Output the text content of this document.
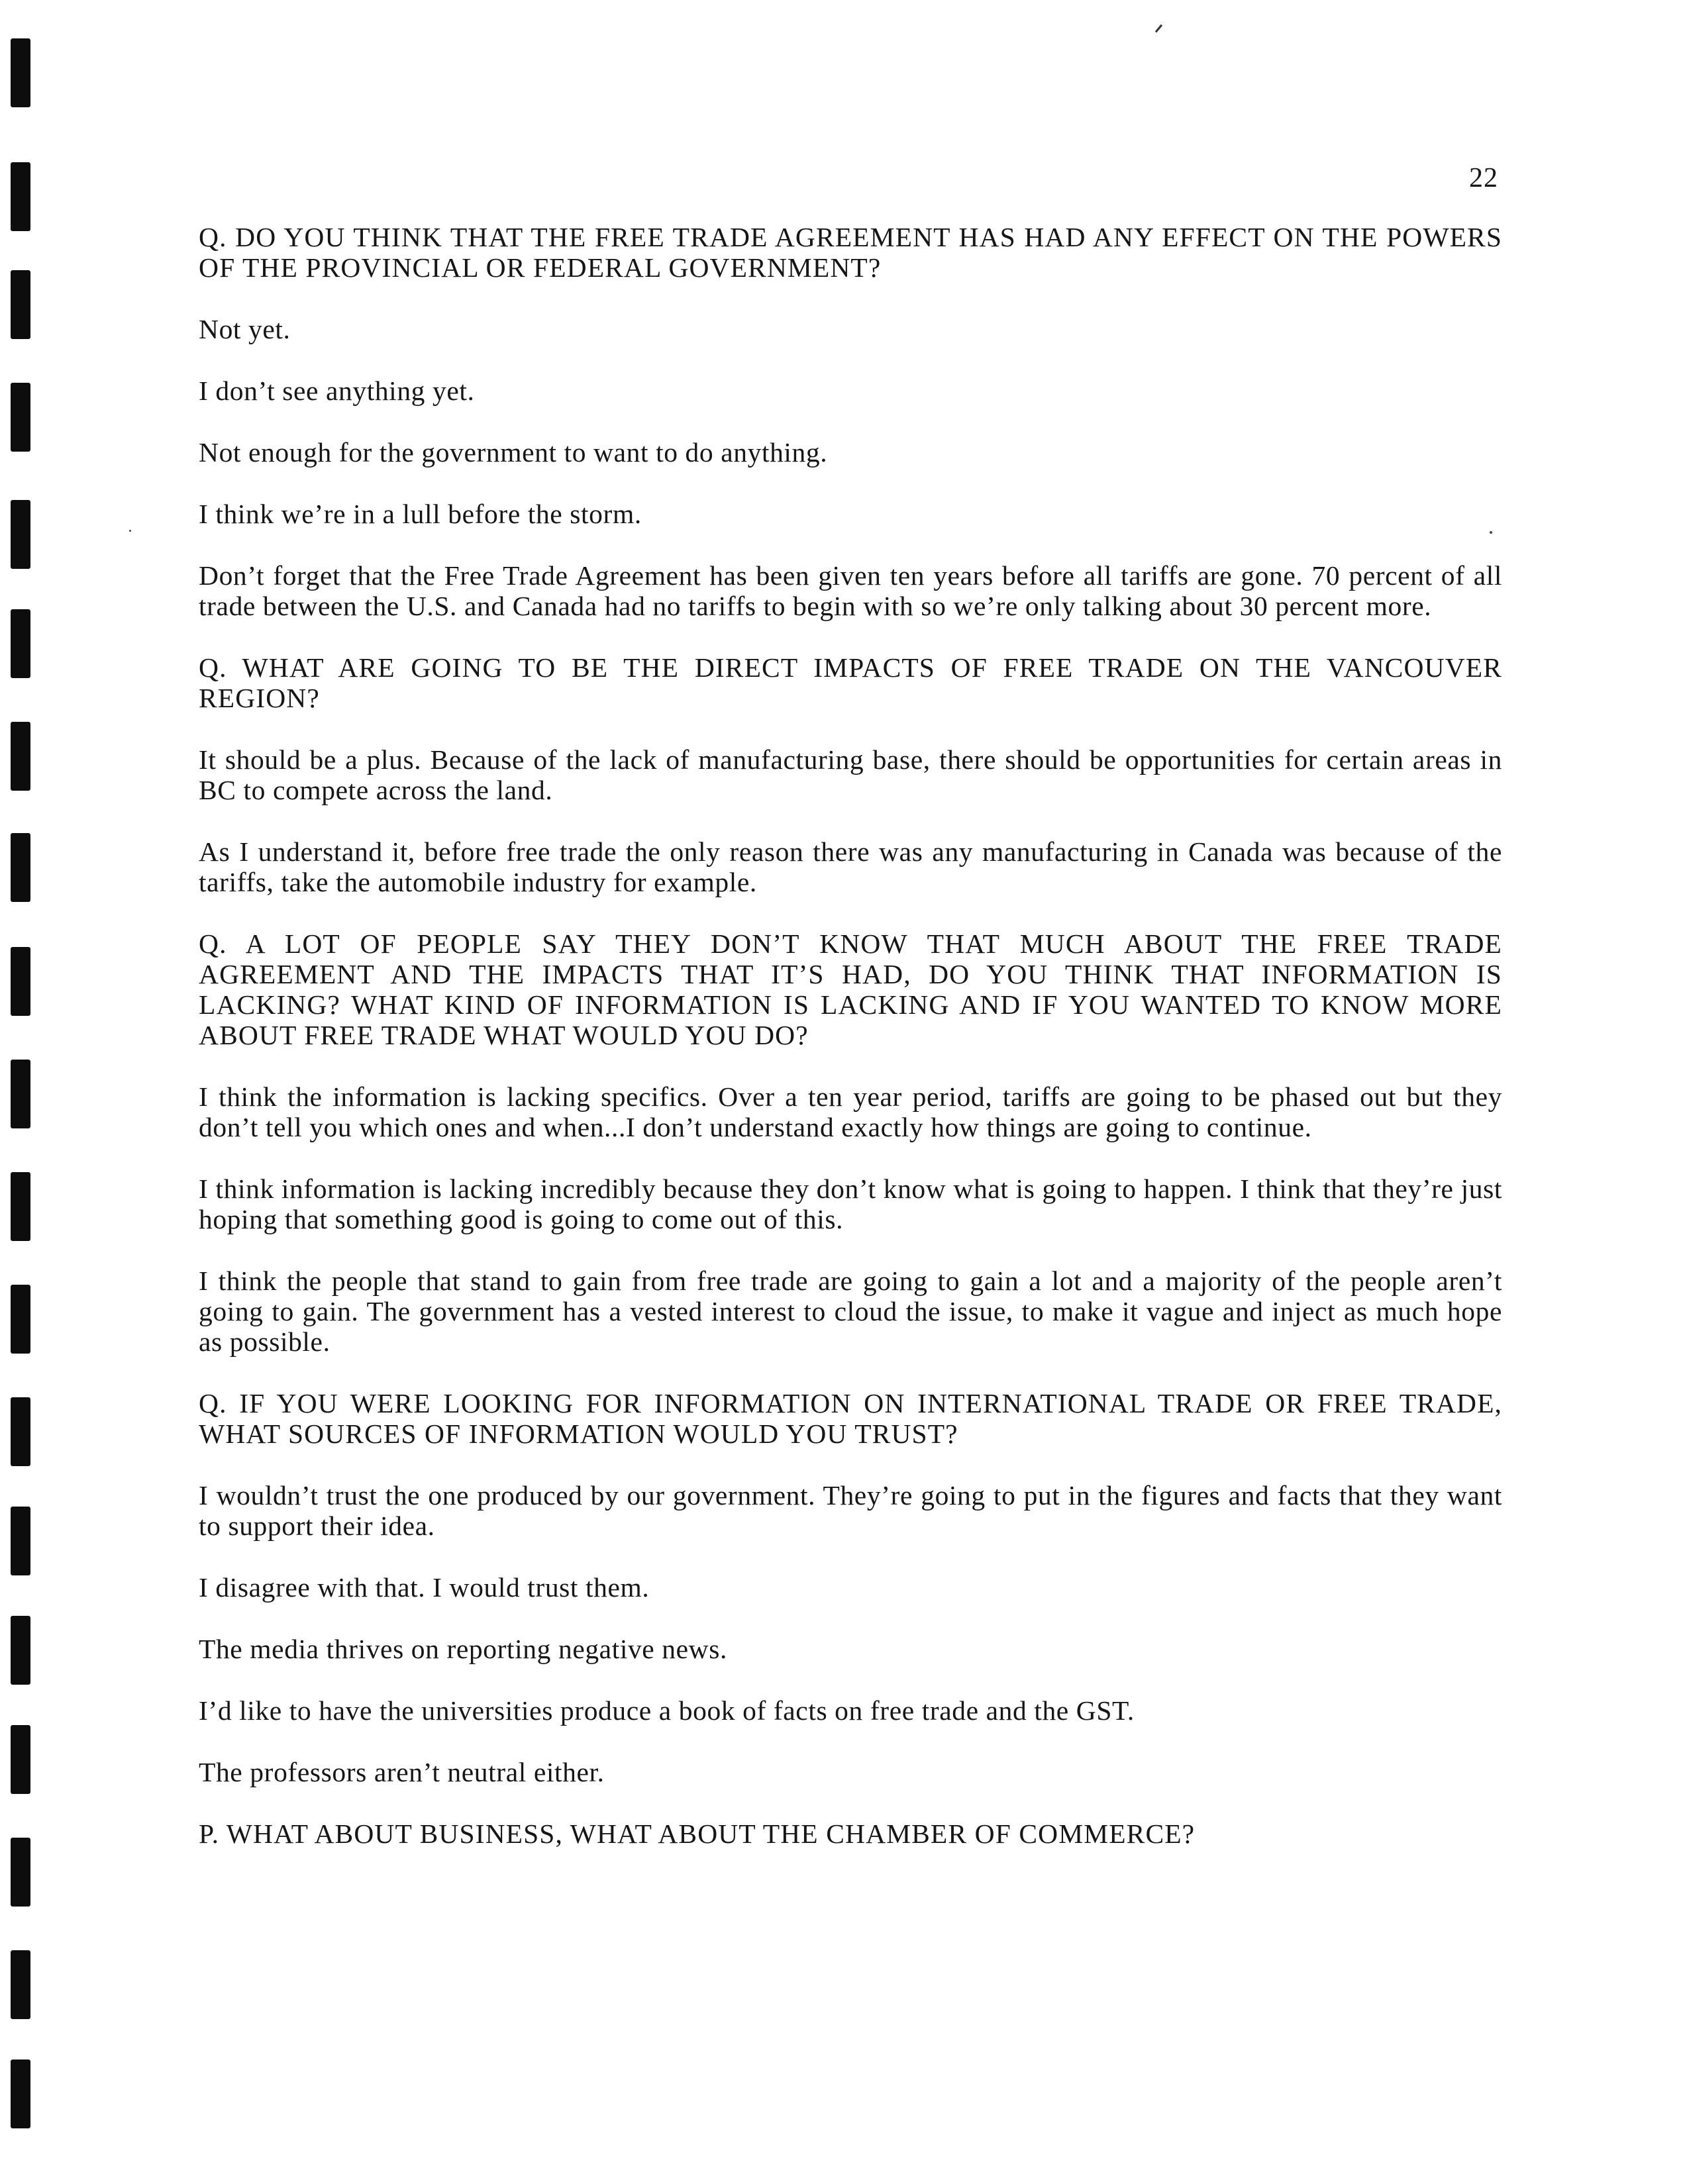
22

Q. DO YOU THINK THAT THE FREE TRADE AGREEMENT HAS HAD ANY EFFECT ON THE POWERS OF THE PROVINCIAL OR FEDERAL GOVERNMENT?

Not yet.

I don’t see anything yet.

Not enough for the government to want to do anything.

I think we’re in a lull before the storm.

Don’t forget that the Free Trade Agreement has been given ten years before all tariffs are gone. 70 percent of all trade between the U.S. and Canada had no tariffs to begin with so we’re only talking about 30 percent more.

Q. WHAT ARE GOING TO BE THE DIRECT IMPACTS OF FREE TRADE ON THE VANCOUVER REGION?

It should be a plus. Because of the lack of manufacturing base, there should be opportunities for certain areas in BC to compete across the land.

As I understand it, before free trade the only reason there was any manufacturing in Canada was because of the tariffs, take the automobile industry for example.

Q. A LOT OF PEOPLE SAY THEY DON’T KNOW THAT MUCH ABOUT THE FREE TRADE AGREEMENT AND THE IMPACTS THAT IT’S HAD, DO YOU THINK THAT INFORMATION IS LACKING? WHAT KIND OF INFORMATION IS LACKING AND IF YOU WANTED TO KNOW MORE ABOUT FREE TRADE WHAT WOULD YOU DO?

I think the information is lacking specifics. Over a ten year period, tariffs are going to be phased out but they don’t tell you which ones and when...I don’t understand exactly how things are going to continue.

I think information is lacking incredibly because they don’t know what is going to happen. I think that they’re just hoping that something good is going to come out of this.

I think the people that stand to gain from free trade are going to gain a lot and a majority of the people aren’t going to gain. The government has a vested interest to cloud the issue, to make it vague and inject as much hope as possible.

Q. IF YOU WERE LOOKING FOR INFORMATION ON INTERNATIONAL TRADE OR FREE TRADE, WHAT SOURCES OF INFORMATION WOULD YOU TRUST?

I wouldn’t trust the one produced by our government. They’re going to put in the figures and facts that they want to support their idea.

I disagree with that. I would trust them.

The media thrives on reporting negative news.

I’d like to have the universities produce a book of facts on free trade and the GST.

The professors aren’t neutral either.

P. WHAT ABOUT BUSINESS, WHAT ABOUT THE CHAMBER OF COMMERCE?
